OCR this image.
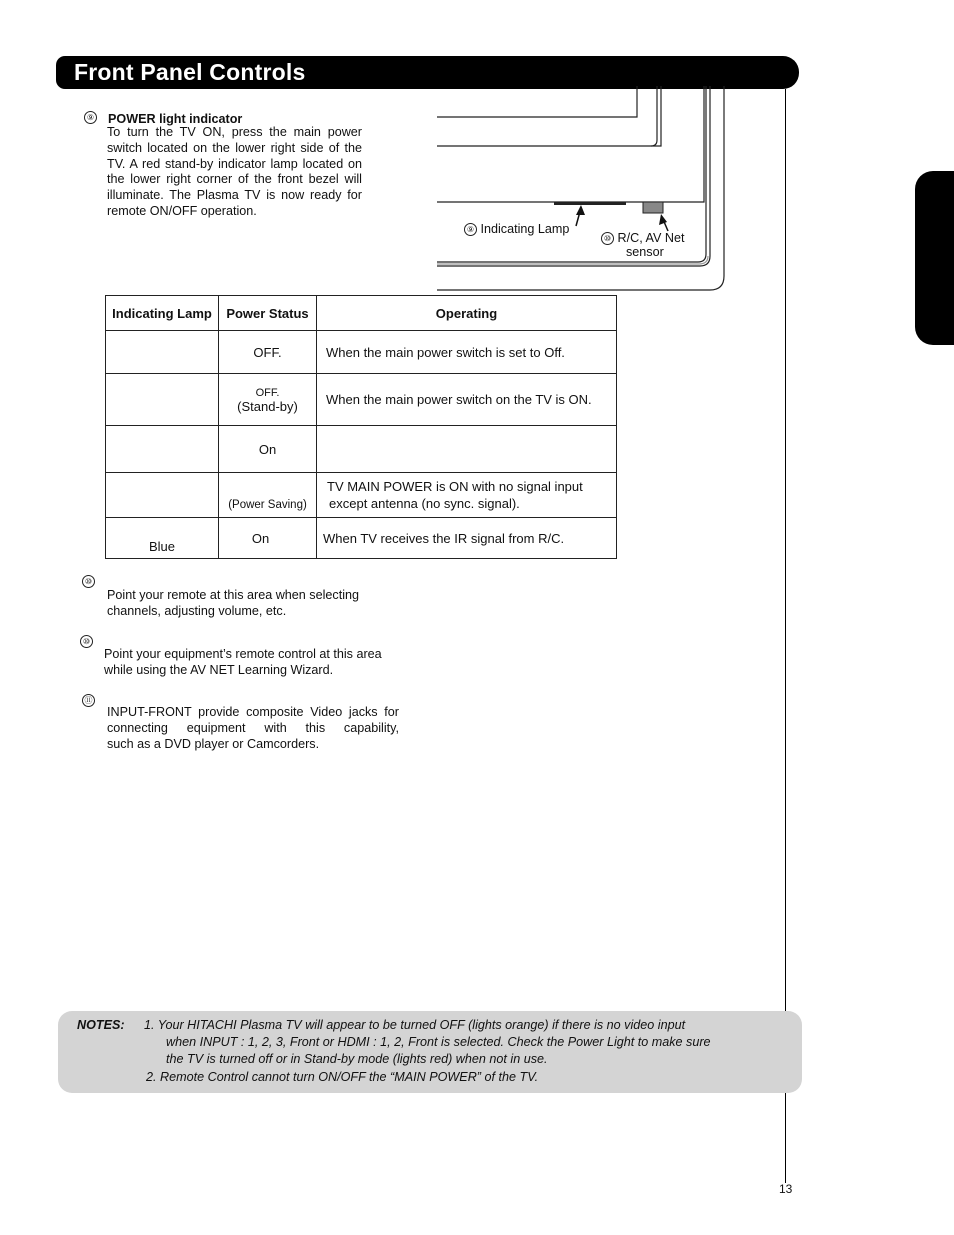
Front Panel Controls
⑨ POWER light indicator
To turn the TV ON, press the main power
switch located on the lower right side of the
TV. A red stand-by indicator lamp located on
the lower right corner of the front bezel will
illuminate. The Plasma TV is now ready for
remote ON/OFF operation.
⑨ Indicating Lamp
⑩ R/C, AV Net
sensor
Indicating Lamp	Power Status	Operating
	OFF.	When the main power switch is set to Off.

	OFF.
(Stand-by)	When the main power switch on the TV is ON.
	On	
	(Power Saving)	TV MAIN POWER is ON with no signal input
except antenna (no sync. signal).

Blue	On	When TV receives the IR signal from R/C.
⑩
Point your remote at this area when selecting
channels, adjusting volume, etc.
⑩
Point your equipment’s remote control at this area
while using the AV NET Learning Wizard.
⑪
INPUT-FRONT provide composite Video jacks for
connecting equipment with this capability,
such as a DVD player or Camcorders.
NOTES: 1. Your HITACHI Plasma TV will appear to be turned OFF (lights orange) if there is no video input
when INPUT : 1, 2, 3, Front or HDMI : 1, 2, Front is selected. Check the Power Light to make sure
the TV is turned off or in Stand-by mode (lights red) when not in use.
2. Remote Control cannot turn ON/OFF the “MAIN POWER” of the TV.
13
